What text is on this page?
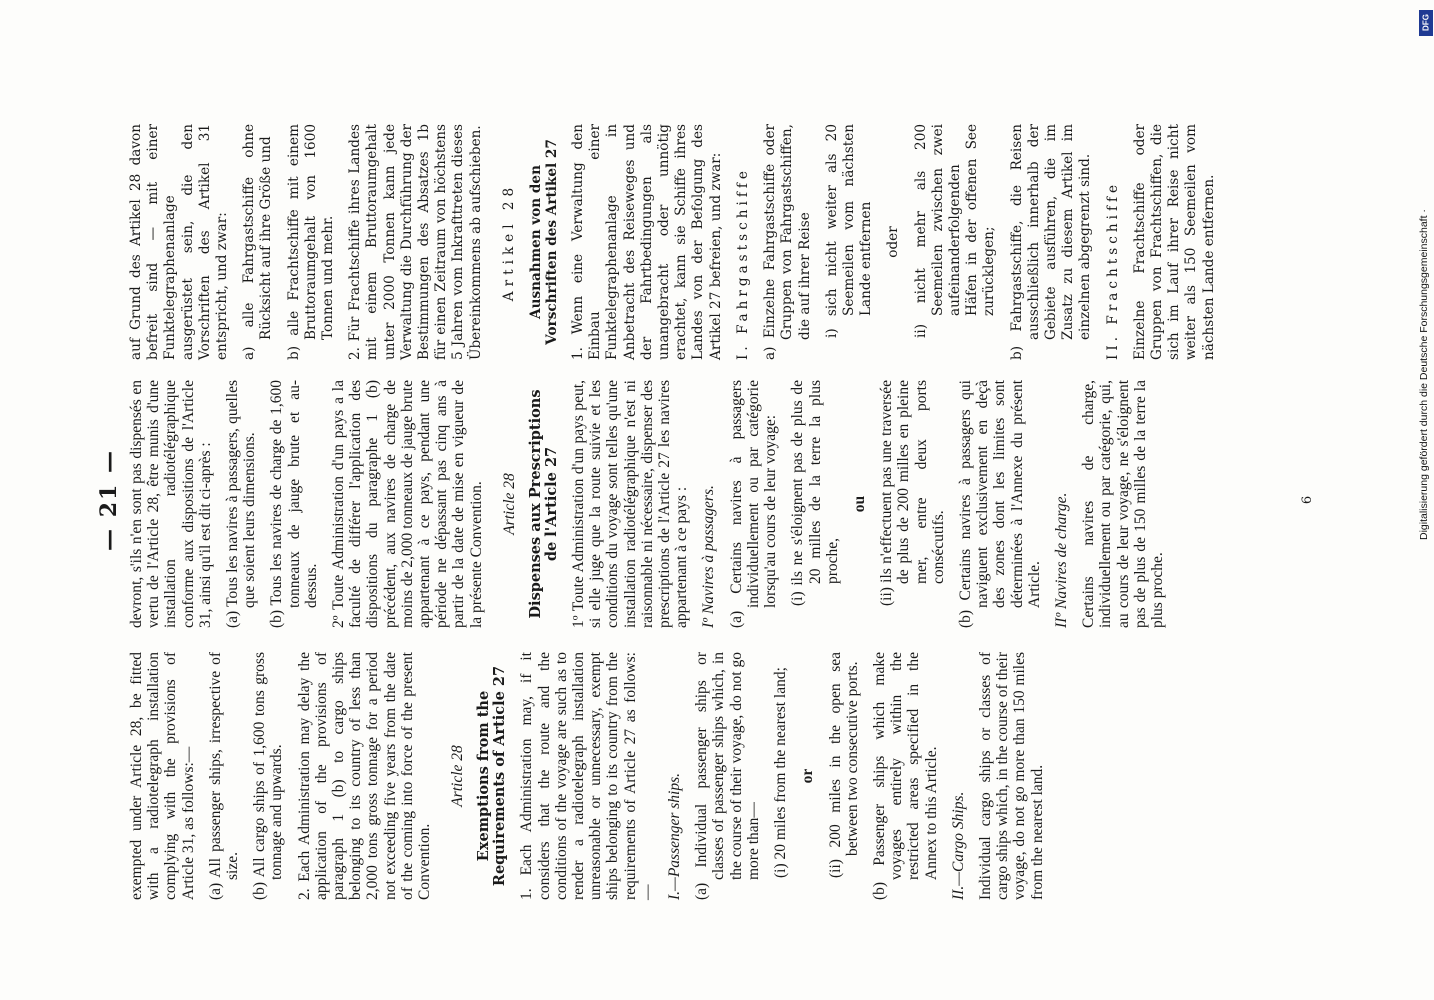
— 21 —

exempted under Article 28, be fitted with a radiotelegraph installation complying with the provisions of Article 31, as follows:— (a) All passenger ships, irrespective of size. (b) All cargo ships of 1,600 tons gross tonnage and upwards. 2. Each Administration may delay the application of the provisions of paragraph 1 (b) to cargo ships belonging to its country of less than 2,000 tons gross tonnage for a period not exceeding five years from the date of the coming into force of the present Convention.

Article 28 Exemptions from the Requirements of Article 27 1. Each Administration may, if it considers that the route and the conditions of the voyage are such as to render a radiotelegraph installation unreasonable or unnecessary, exempt ships belonging to its country from the requirements of Article 27 as follows:— I.—Passenger ships. (a) Individual passenger ships or classes of passenger ships which, in the course of their voyage, do not go more than— (i) 20 miles from the nearest land; or (ii) 200 miles in the open sea between two consecutive ports. (b) Passenger ships which make voyages entirely within the restricted areas specified in the Annex to this Article. II.—Cargo Ships. Individual cargo ships or classes of cargo ships which, in the course of their voyage, do not go more than 150 miles from the nearest land.

devront, s'ils n'en sont pas dispensés en vertu de l'Article 28, être munis d'une installation radiotélégraphique conforme aux dispositions de l'Article 31, ainsi qu'il est dit ci-après : (a) Tous les navires à passagers, quelles que soient leurs dimensions. (b) Tous les navires de charge de 1,600 tonneaux de jauge brute et au-dessus. 2º Toute Administration d'un pays a la faculté de différer l'application des dispositions du paragraphe 1 (b) précédent, aux navires de charge de moins de 2,000 tonneaux de jauge brute appartenant à ce pays, pendant une période ne dépassant pas cinq ans à partir de la date de mise en vigueur de la présente Convention. Article 28 Dispenses aux Prescriptions de l'Article 27 1º Toute Administration d'un pays peut, si elle juge que la route suivie et les conditions du voyage sont telles qu'une installation radiotélégraphique n'est ni raisonnable ni nécessaire, dispenser des prescriptions de l'Article 27 les navires appartenant à ce pays : Iº Navires à passagers. (a) Certains navires à passagers individuellement ou par catégorie lorsqu'au cours de leur voyage: (i) ils ne s'éloignent pas de plus de 20 milles de la terre la plus proche,

ou (ii) ils n'effectuent pas une traversée de plus de 200 milles en pleine mer, entre deux ports consécutifs. (b) Certains navires à passagers qui naviguent exclusivement en deçà des zones dont les limites sont déterminées à l'Annexe du présent Article. IIº Navires de charge. Certains navires de charge, individuellement ou par catégorie, qui, au cours de leur voyage, ne s'éloignent pas de plus de 150 milles de la terre la plus proche.

auf Grund des Artikel 28 davon befreit sind — mit einer Funktelegraphenanlage ausgerüstet sein, die den Vorschriften des Artikel 31 entspricht, und zwar: a) alle Fahrgastschiffe ohne Rücksicht auf ihre Größe und b) alle Frachtschiffe mit einem Bruttoraumgehalt von 1600 Tonnen und mehr. 2. Für Frachtschiffe ihres Landes mit einem Bruttoraumgehalt unter 2000 Tonnen kann jede Verwaltung die Durchführung der Bestimmungen des Absatzes 1b für einen Zeitraum von höchstens 5 Jahren vom Inkrafttreten dieses Übereinkommens ab aufschieben. Artikel 28 Ausnahmen von den Vorschriften des Artikel 27 1. Wenn eine Verwaltung den Einbau einer Funktelegraphenanlage in Anbetracht des Reiseweges und der Fahrtbedingungen als unangebracht oder unnötig erachtet, kann sie Schiffe ihres Landes von der Befolgung des Artikel 27 befreien, und zwar: I. Fahrgastschiffe a) Einzelne Fahrgastschiffe oder Gruppen von Fahrgastschiffen, die auf ihrer Reise i) sich nicht weiter als 20 Seemeilen vom nächsten Lande entfernen oder ii) nicht mehr als 200 Seemeilen zwischen zwei aufeinanderfolgenden Häfen in der offenen See zurücklegen; b) Fahrgastschiffe, die Reisen ausschließlich innerhalb der Gebiete ausführen, die im Zusatz zu diesem Artikel im einzelnen abgegrenzt sind. II. Frachtschiffe Einzelne Frachtschiffe oder Gruppen von Frachtschiffen, die sich im Lauf ihrer Reise nicht weiter als 150 Seemeilen vom nächsten Lande entfernen.

6
DFG
Digitalisierung gefördert durch die Deutsche Forschungsgemeinschaft ·
